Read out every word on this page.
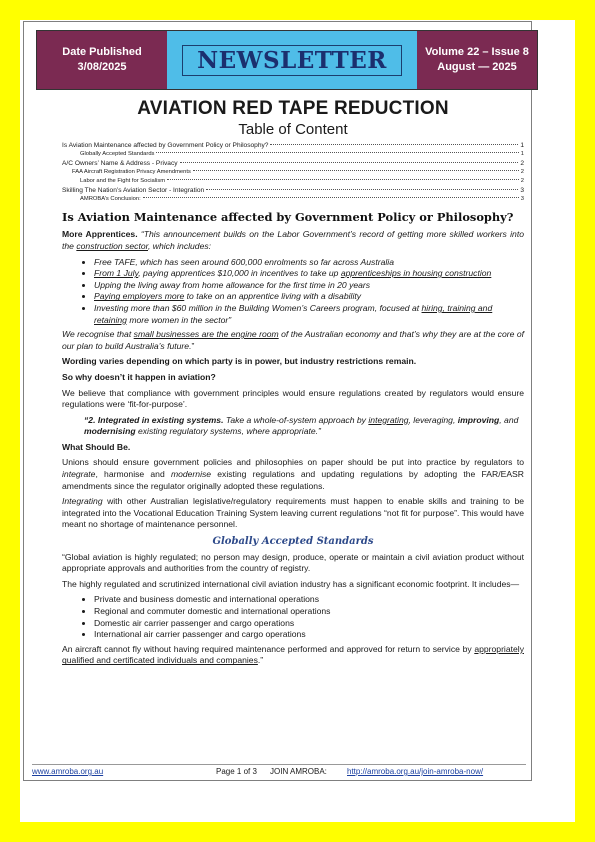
Date Published
3/08/2025	NEWSLETTER	Volume 22 – Issue 8
August — 2025
AVIATION RED TAPE REDUCTION
Table of Content
Is Aviation Maintenance affected by Government Policy or Philosophy?	1
Globally Accepted Standards	1
A/C Owners’ Name & Address - Privacy	2
FAA Aircraft Registration Privacy Amendments	2
Labor and the Fight for Socialism	2
Skilling The Nation’s Aviation Sector - Integration	3
AMROBA’s Conclusion:	3
Is Aviation Maintenance affected by Government Policy or Philosophy?

More Apprentices. “This announcement builds on the Labor Government’s record of getting more skilled workers into the construction sector, which includes:

• Free TAFE, which has seen around 600,000 enrolments so far across Australia
• From 1 July, paying apprentices $10,000 in incentives to take up apprenticeships in housing construction
• Upping the living away from home allowance for the first time in 20 years
• Paying employers more to take on an apprentice living with a disability
• Investing more than $60 million in the Building Women’s Careers program, focused at hiring, training and retaining more women in the sector”

We recognise that small businesses are the engine room of the Australian economy and that’s why they are at the core of our plan to build Australia’s future.”

Wording varies depending on which party is in power, but industry restrictions remain.

So why doesn’t it happen in aviation?

We believe that compliance with government principles would ensure regulations created by regulators would ensure regulations were ‘fit-for-purpose’.

“2. Integrated in existing systems. Take a whole-of-system approach by integrating, leveraging, improving, and modernising existing regulatory systems, where appropriate.”

What Should Be.

Unions should ensure government policies and philosophies on paper should be put into practice by regulators to integrate, harmonise and modernise existing regulations and updating regulations by adopting the FAR/EASR amendments since the regulator originally adopted these regulations.

Integrating with other Australian legislative/regulatory requirements must happen to enable skills and training to be integrated into the Vocational Education Training System leaving current regulations “not fit for purpose”. This would have meant no shortage of maintenance personnel.

Globally Accepted Standards

“Global aviation is highly regulated; no person may design, produce, operate or maintain a civil aviation product without appropriate approvals and authorities from the country of registry.

The highly regulated and scrutinized international civil aviation industry has a significant economic footprint. It includes—

• Private and business domestic and international operations
• Regional and commuter domestic and international operations
• Domestic air carrier passenger and cargo operations
• International air carrier passenger and cargo operations

An aircraft cannot fly without having required maintenance performed and approved for return to service by appropriately qualified and certificated individuals and companies.”

www.amroba.org.au	Page 1 of 3 JOIN AMROBA:	http://amroba.org.au/join-amroba-now/
